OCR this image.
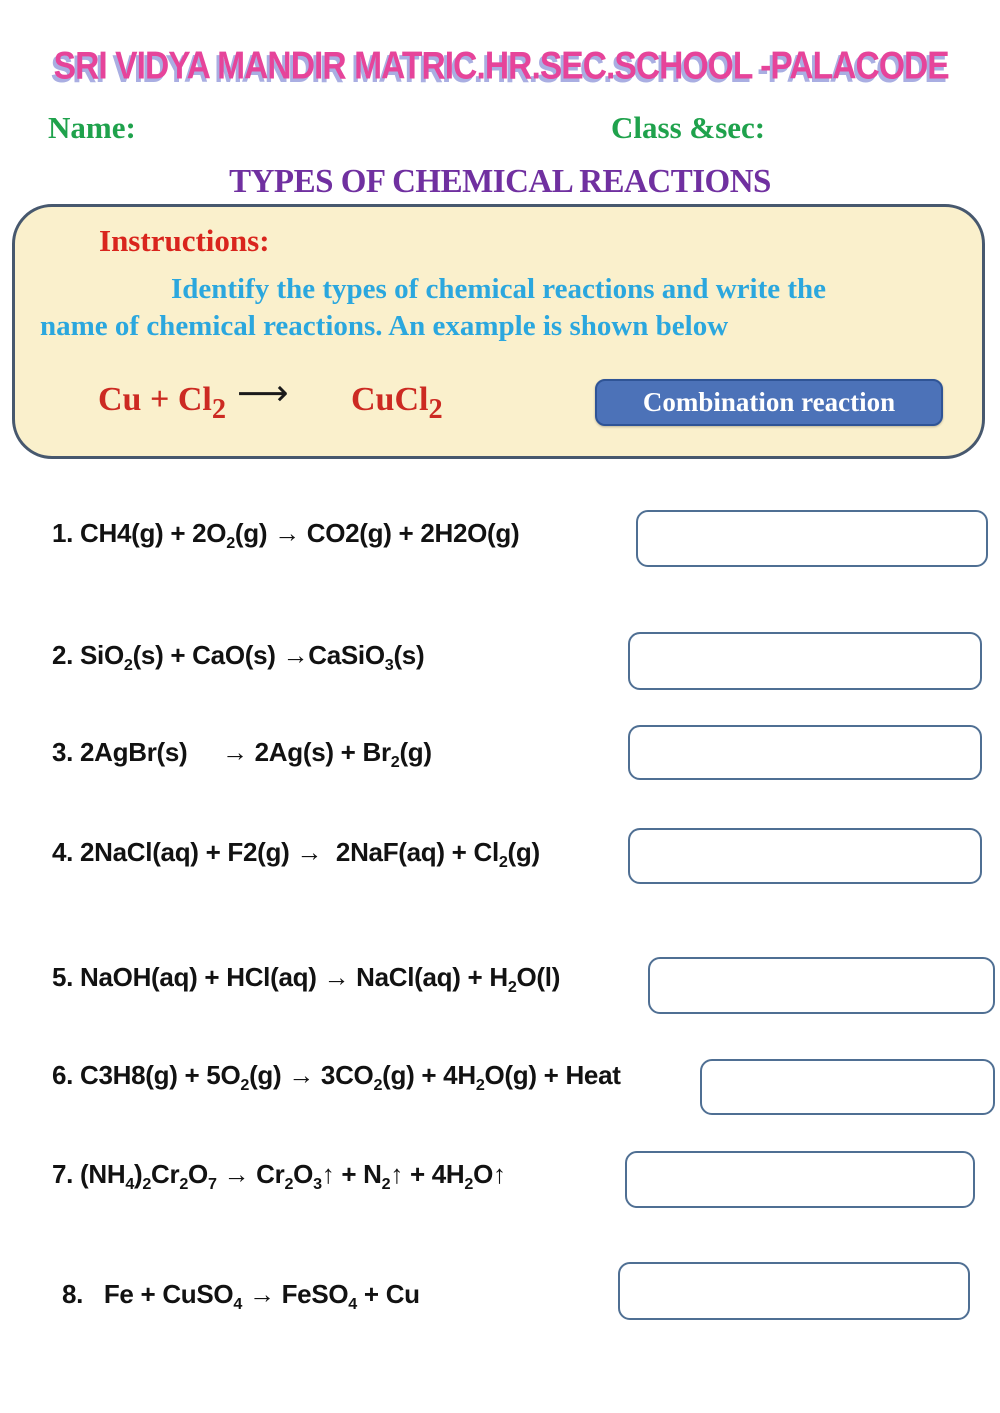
SRI VIDYA MANDIR MATRIC.HR.SEC.SCHOOL -PALACODE
Name:	Class &sec:
TYPES OF CHEMICAL REACTIONS
Instructions:
Identify the types of chemical reactions and write the
name of chemical reactions. An example is shown below
$Cu + Cl_2$ ⟶ CuCl$_2$	Combination reaction
1. $CH4(g) + 2O_2(g) \to CO2(g) + 2H2O(g)$
2. SiO$_2$(s) + CaO(s) →CaSiO$_3$(s)
3. 2AgBr(s)     → $2Ag(s) + Br_2(g)$
4. 2NaCl(aq) + $F2(g) \to 2NaF(aq) + Cl_2(g)$
5. NaOH(aq) + HCl(aq) → NaCl(aq) + $H_2O(l)$
6. $C3H8(g) + 5O_2(g) \to 3CO_2(g) + 4H_2O(g)$ + Heat
7. $(NH_4)_2Cr_2O_7$ → $Cr_2O_3↑$ + $N_2↑$ + $4H_2O↑$
8.   Fe + CuSO$_4$ → FeSO$_4$ + Cu
